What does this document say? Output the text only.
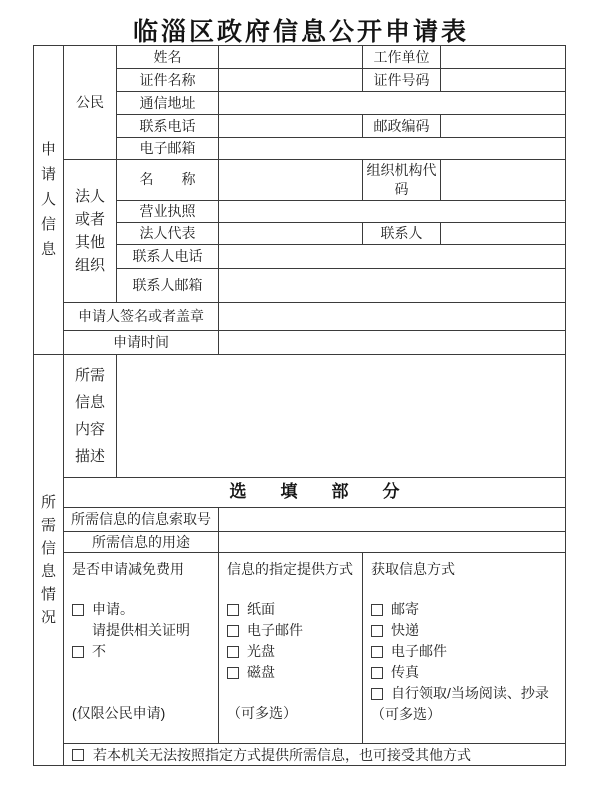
临淄区政府信息公开申请表
申请人信息	公民	姓名		工作单位	
		证件名称		证件号码	
		通信地址			
		联系电话		邮政编码	
		电子邮箱			

	法人或者其他组织	名　　称		组织机构代码	
		营业执照			
		法人代表		联系人	
		联系人电话			
		联系人邮箱			
	申请人签名或者盖章				
	申请时间				

所需信息情况	所需信息内容描述				

	选　　填　　部　　分				
	所需信息的信息索取号				
	所需信息的用途				

是否申请减免费用
申请。
请提供相关证明
不
(仅限公民申请)

信息的指定提供方式
纸面
电子邮件
光盘
磁盘
（可多选）

获取信息方式
邮寄
快递
电子邮件
传真
自行领取/当场阅读、抄录
（可多选）

	若本机关无法按照指定方式提供所需信息，也可接受其他方式				
